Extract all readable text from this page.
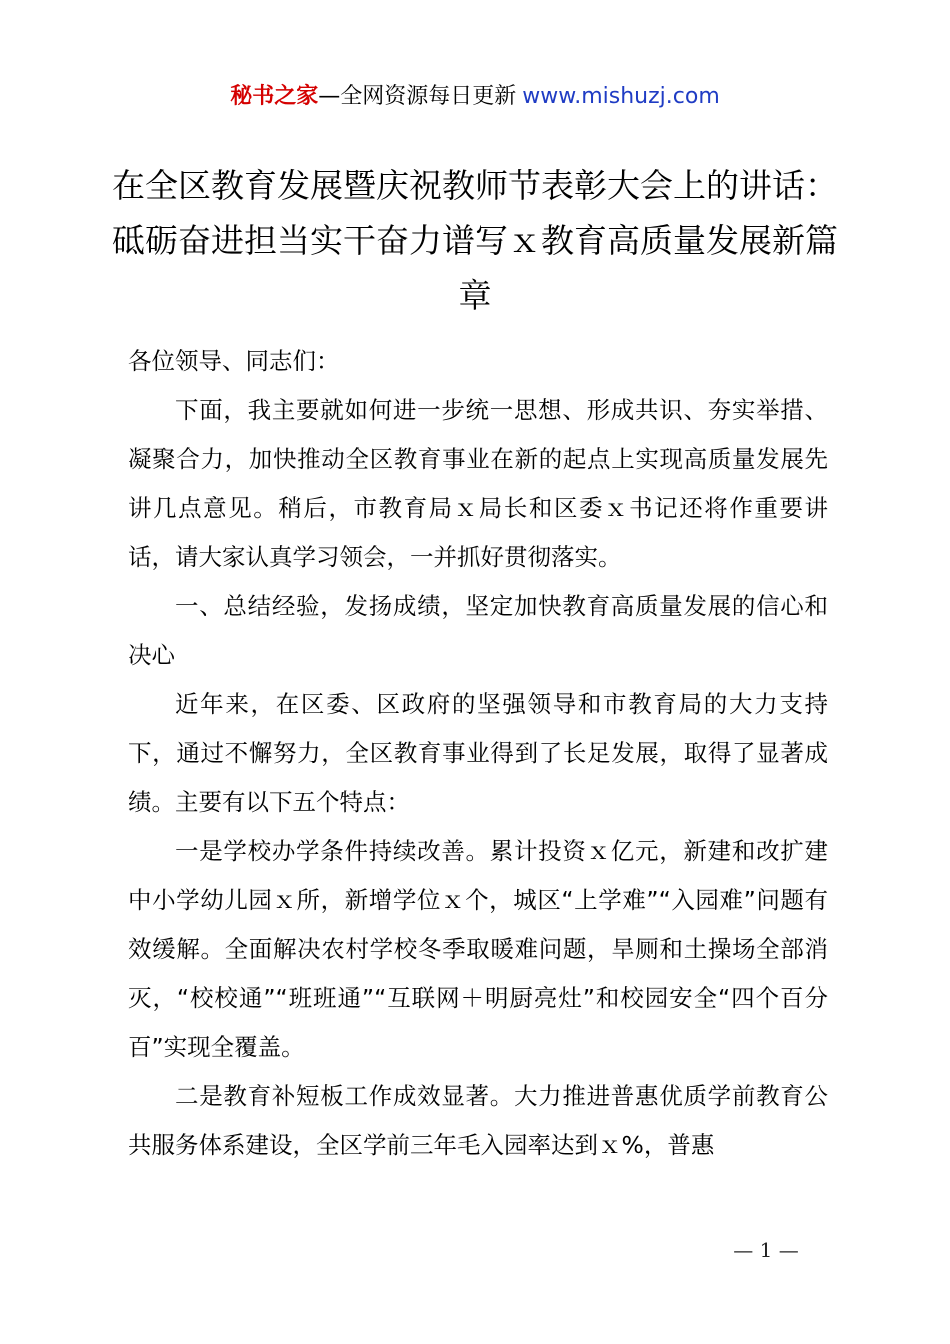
秘书之家—全网资源每日更新 www.mishuzj.com
在全区教育发展暨庆祝教师节表彰大会上的讲话：砥砺奋进担当实干奋力谱写ｘ教育高质量发展新篇章

各位领导、同志们：

下面，我主要就如何进一步统一思想、形成共识、夯实举措、凝聚合力，加快推动全区教育事业在新的起点上实现高质量发展先讲几点意见。稍后，市教育局ｘ局长和区委ｘ书记还将作重要讲话，请大家认真学习领会，一并抓好贯彻落实。

一、总结经验，发扬成绩，坚定加快教育高质量发展的信心和决心

近年来，在区委、区政府的坚强领导和市教育局的大力支持下，通过不懈努力，全区教育事业得到了长足发展，取得了显著成绩。主要有以下五个特点：

一是学校办学条件持续改善。累计投资ｘ亿元，新建和改扩建中小学幼儿园ｘ所，新增学位ｘ个，城区“上学难”“入园难”问题有效缓解。全面解决农村学校冬季取暖难问题，旱厕和土操场全部消灭，“校校通”“班班通”“互联网＋明厨亮灶”和校园安全“四个百分百”实现全覆盖。

二是教育补短板工作成效显著。大力推进普惠优质学前教育公共服务体系建设，全区学前三年毛入园率达到ｘ%，普惠

— 1 —
